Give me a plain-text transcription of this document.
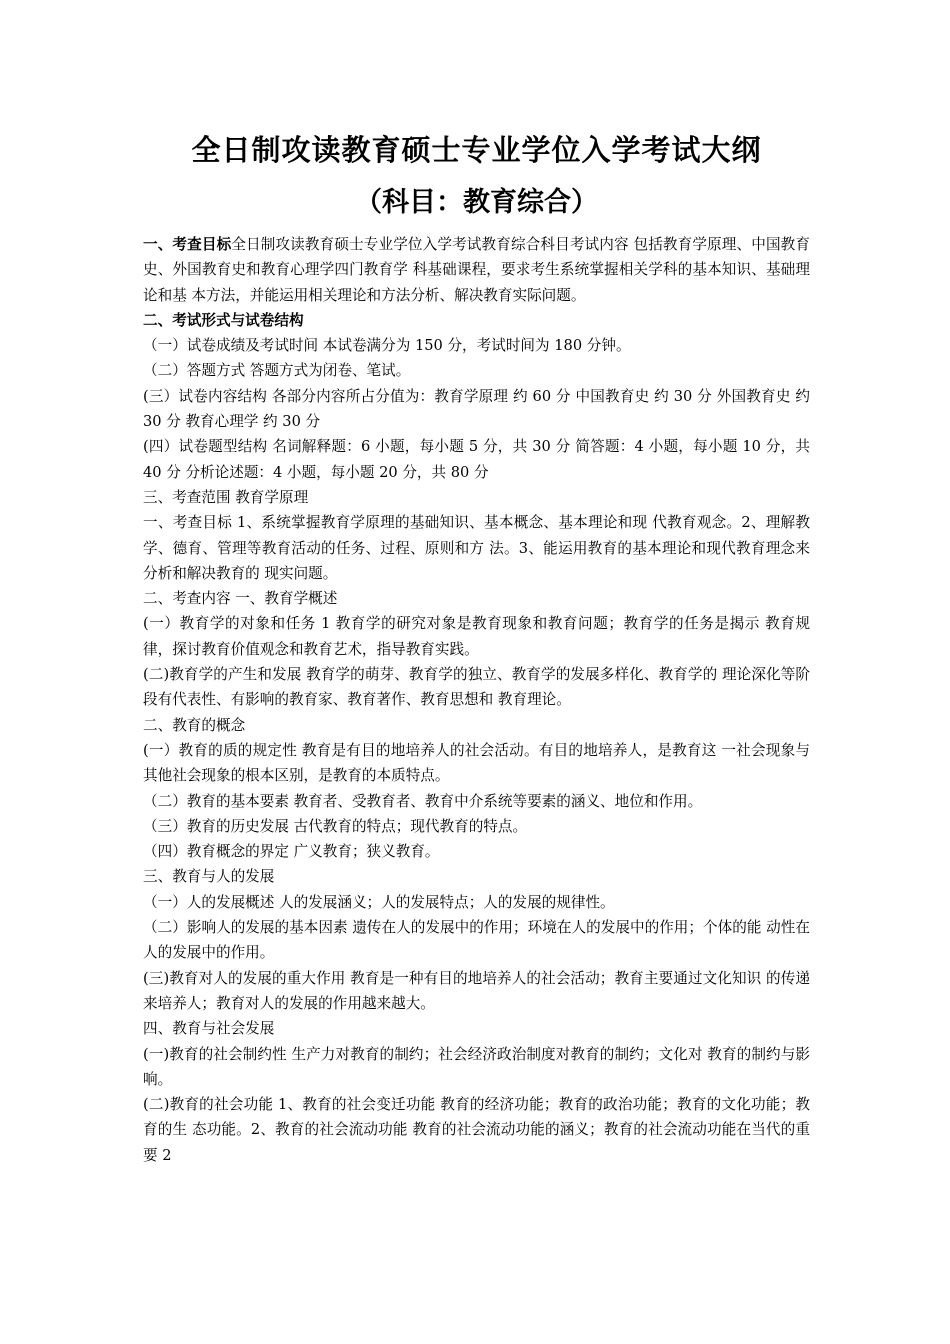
全日制攻读教育硕士专业学位入学考试大纲
（科目：教育综合）

一、考查目标全日制攻读教育硕士专业学位入学考试教育综合科目考试内容 包括教育学原理、中国教育史、外国教育史和教育心理学四门教育学 科基础课程，要求考生系统掌握相关学科的基本知识、基础理论和基 本方法，并能运用相关理论和方法分析、解决教育实际问题。

二、考试形式与试卷结构

（一）试卷成绩及考试时间 本试卷满分为 150 分，考试时间为 180 分钟。

（二）答题方式 答题方式为闭卷、笔试。

(三）试卷内容结构 各部分内容所占分值为：教育学原理 约 60 分 中国教育史 约 30 分 外国教育史 约 30 分 教育心理学 约 30 分

(四）试卷题型结构 名词解释题：6 小题，每小题 5 分，共 30 分 简答题：4 小题，每小题 10 分，共 40 分 分析论述题：4 小题，每小题 20 分，共 80 分

三、考查范围 教育学原理

一、考查目标 1、系统掌握教育学原理的基础知识、基本概念、基本理论和现 代教育观念。2、理解教学、德育、管理等教育活动的任务、过程、原则和方 法。3、能运用教育的基本理论和现代教育理念来分析和解决教育的 现实问题。

二、考查内容 一、教育学概述

(一）教育学的对象和任务 1 教育学的研究对象是教育现象和教育问题；教育学的任务是揭示 教育规律，探讨教育价值观念和教育艺术，指导教育实践。

(二)教育学的产生和发展 教育学的萌芽、教育学的独立、教育学的发展多样化、教育学的 理论深化等阶段有代表性、有影响的教育家、教育著作、教育思想和 教育理论。

二、教育的概念

(一）教育的质的规定性 教育是有目的地培养人的社会活动。有目的地培养人，是教育这 一社会现象与其他社会现象的根本区别，是教育的本质特点。

（二）教育的基本要素 教育者、受教育者、教育中介系统等要素的涵义、地位和作用。

（三）教育的历史发展 古代教育的特点；现代教育的特点。

（四）教育概念的界定 广义教育；狭义教育。

三、教育与人的发展

（一）人的发展概述 人的发展涵义；人的发展特点；人的发展的规律性。

（二）影响人的发展的基本因素 遗传在人的发展中的作用；环境在人的发展中的作用；个体的能 动性在人的发展中的作用。

(三)教育对人的发展的重大作用 教育是一种有目的地培养人的社会活动；教育主要通过文化知识 的传递来培养人；教育对人的发展的作用越来越大。

四、教育与社会发展

(一)教育的社会制约性 生产力对教育的制约；社会经济政治制度对教育的制约；文化对 教育的制约与影响。

(二)教育的社会功能 1、教育的社会变迁功能 教育的经济功能；教育的政治功能；教育的文化功能；教育的生 态功能。2、教育的社会流动功能 教育的社会流动功能的涵义；教育的社会流动功能在当代的重要 2
